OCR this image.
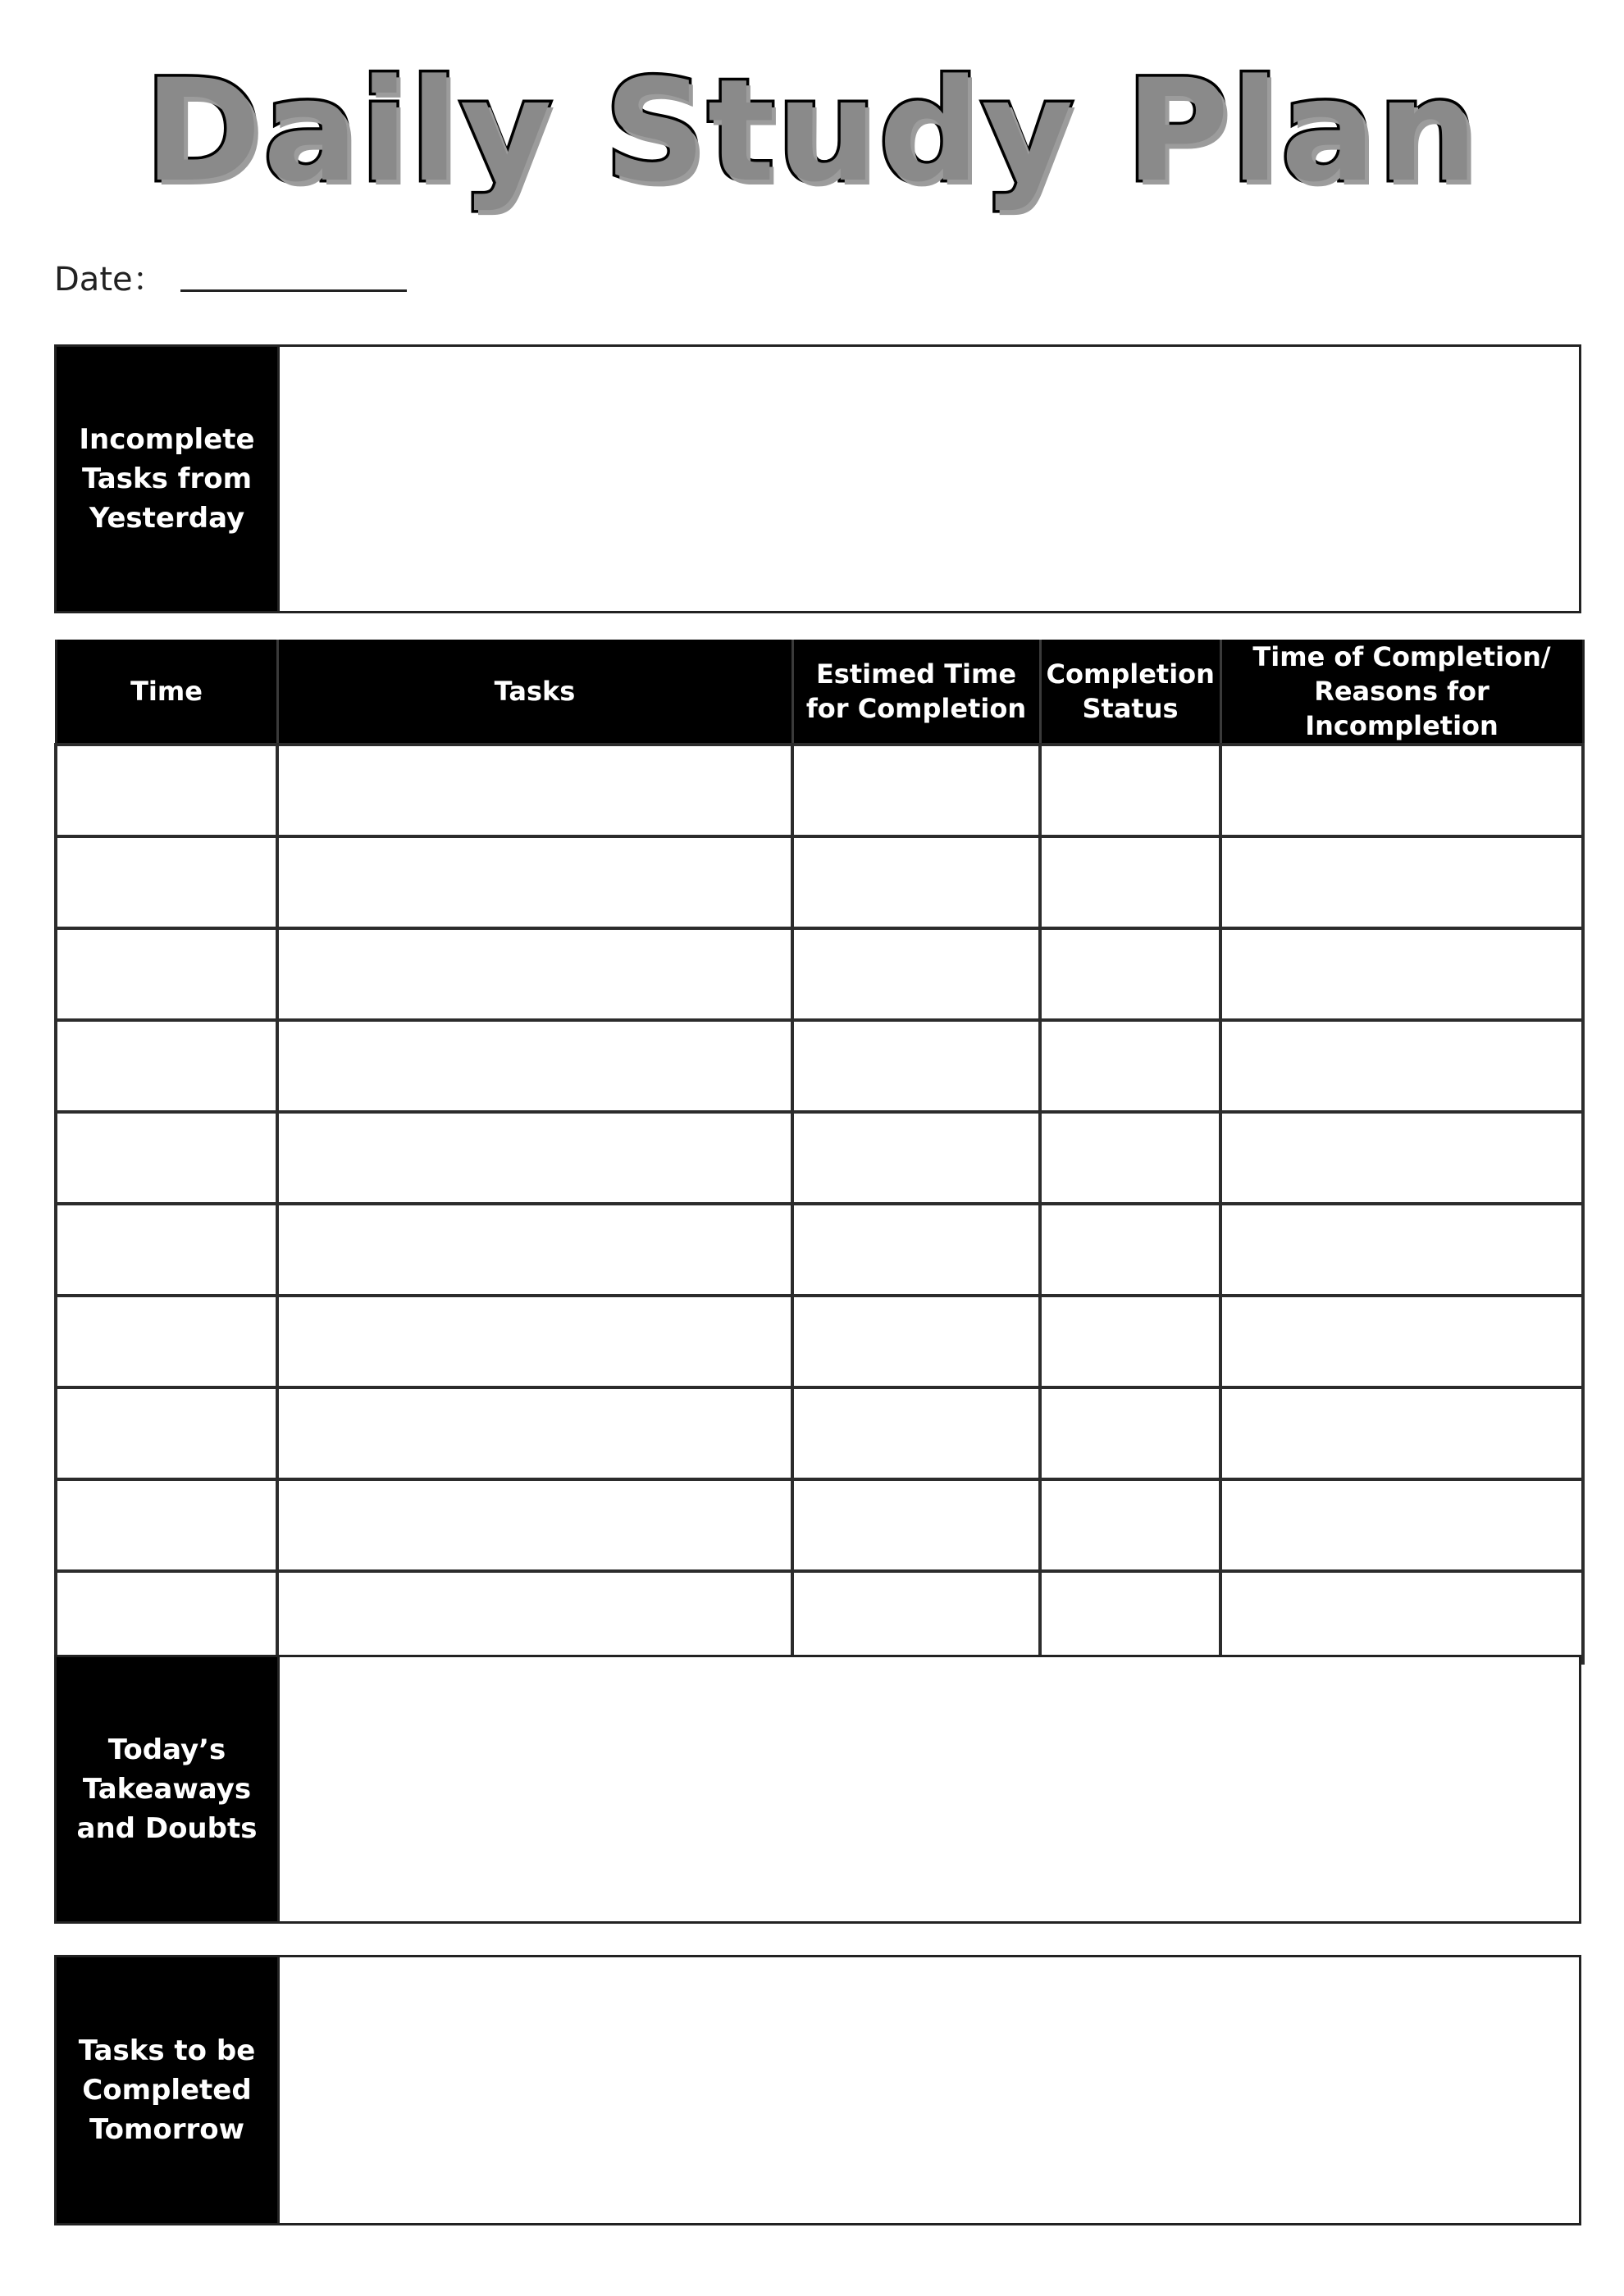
Daily Study Plan
Date：
Incomplete Tasks from Yesterday
Time	Tasks	Estimed Time for Completion	Completion Status	Time of Completion/ Reasons for Incompletion

Today’s Takeaways and Doubts
Tasks to be Completed Tomorrow
